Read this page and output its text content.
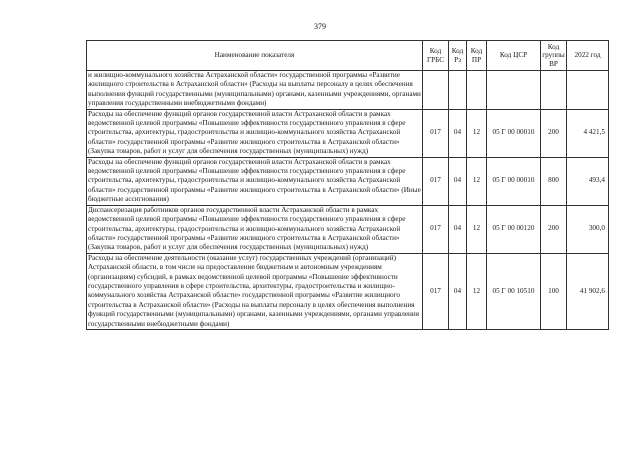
379
Наименование показателя	Код ГРБС	Код Рз	Код ПР	Код ЦСР	Код группы ВР	2022 год
и жилищно-коммунального хозяйства Астраханской области» государственной программы «Развитие жилищного строительства в Астраханской области» (Расходы на выплаты персоналу в целях обеспечения выполнения функций государственными (муниципальными) органами, казенными учреждениями, органами управления государственными внебюджетными фондами)						
Расходы на обеспечение функций органов государственной власти Астраханской области в рамках ведомственной целевой программы «Повышение эффективности государственного управления в сфере строительства, архитектуры, градостроительства и жилищно-коммунального хозяйства Астраханской области» государственной программы «Развитие жилищного строительства в Астраханской области» (Закупка товаров, работ и услуг для обеспечения государственных (муниципальных) нужд)	017	04	12	05 Г 00 00010	200	4 421,5
Расходы на обеспечение функций органов государственной власти Астраханской области в рамках ведомственной целевой программы «Повышение эффективности государственного управления в сфере строительства, архитектуры, градостроительства и жилищно-коммунального хозяйства Астраханской области» государственной программы «Развитие жилищного строительства в Астраханской области» (Иные бюджетные ассигнования)	017	04	12	05 Г 00 00010	800	493,4
Диспансеризация работников органов государственной власти Астраханской области в рамках ведомственной целевой программы «Повышение эффективности государственного управления в сфере строительства, архитектуры, градостроительства и жилищно-коммунального хозяйства Астраханской области» государственной программы «Развитие жилищного строительства в Астраханской области» (Закупка товаров, работ и услуг для обеспечения государственных (муниципальных) нужд)	017	04	12	05 Г 00 00120	200	300,0
Расходы на обеспечение деятельности (оказание услуг) государственных учреждений (организаций) Астраханской области, в том числе на предоставление бюджетным и автономным учреждениям (организациям) субсидий, в рамках ведомственной целевой программы «Повышение эффективности государственного управления в сфере строительства, архитектуры, градостроительства и жилищно-коммунального хозяйства Астраханской области» государственной программы «Развитие жилищного строительства в Астраханской области» (Расходы на выплаты персоналу в целях обеспечения выполнения функций государственными (муниципальными) органами, казенными учреждениями, органами управления государственными внебюджетными фондами)	017	04	12	05 Г 00 10510	100	41 902,6
